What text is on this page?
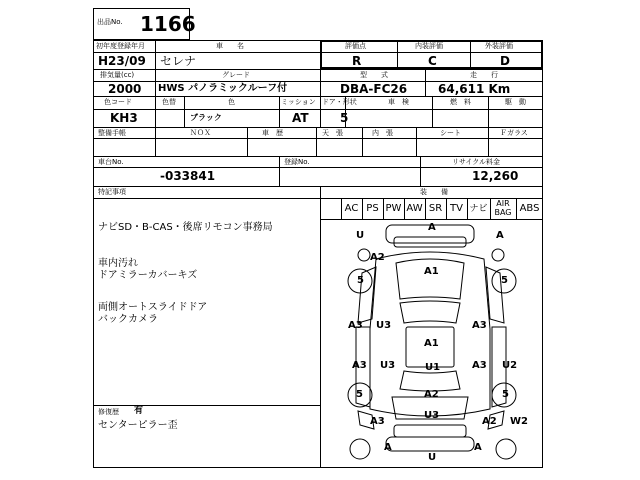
出品No. 1166
初年度登録年月
H23/09
車　　名
セレナ
評価点
R
内装評価
C
外装評価
D
排気量(cc)
2000
グレード
HWS パノラミックルーフ付
型　　式
DBA-FC26
走　　行
64,611 Km
色コード
KH3
色替	色
ブラック
ミッション
AT
ドア・形状
5
車　検	燃　料	駆　動
整備手帳	ＮＯＸ	車　歴	天　張	内　張	シート	Ｆガラス
車台No.
-033841
登録No.	リサイクル料金
12,260
特記事項
ナビSD・B-CAS・後席リモコン事務局
車内汚れ
ドアミラーカバーキズ
両側オートスライドドア
バックカメラ
修復歴 有
センターピラー歪
装　　備
AC PS PW AW SR TV ナビ
AIR BAG ABS
U
A
A
A2
A1
5	5
A3 U3	A3
A1
A3 U3	U1	A3 U2
A2
5	5
U3
A3	A2 W2
A	A
U
